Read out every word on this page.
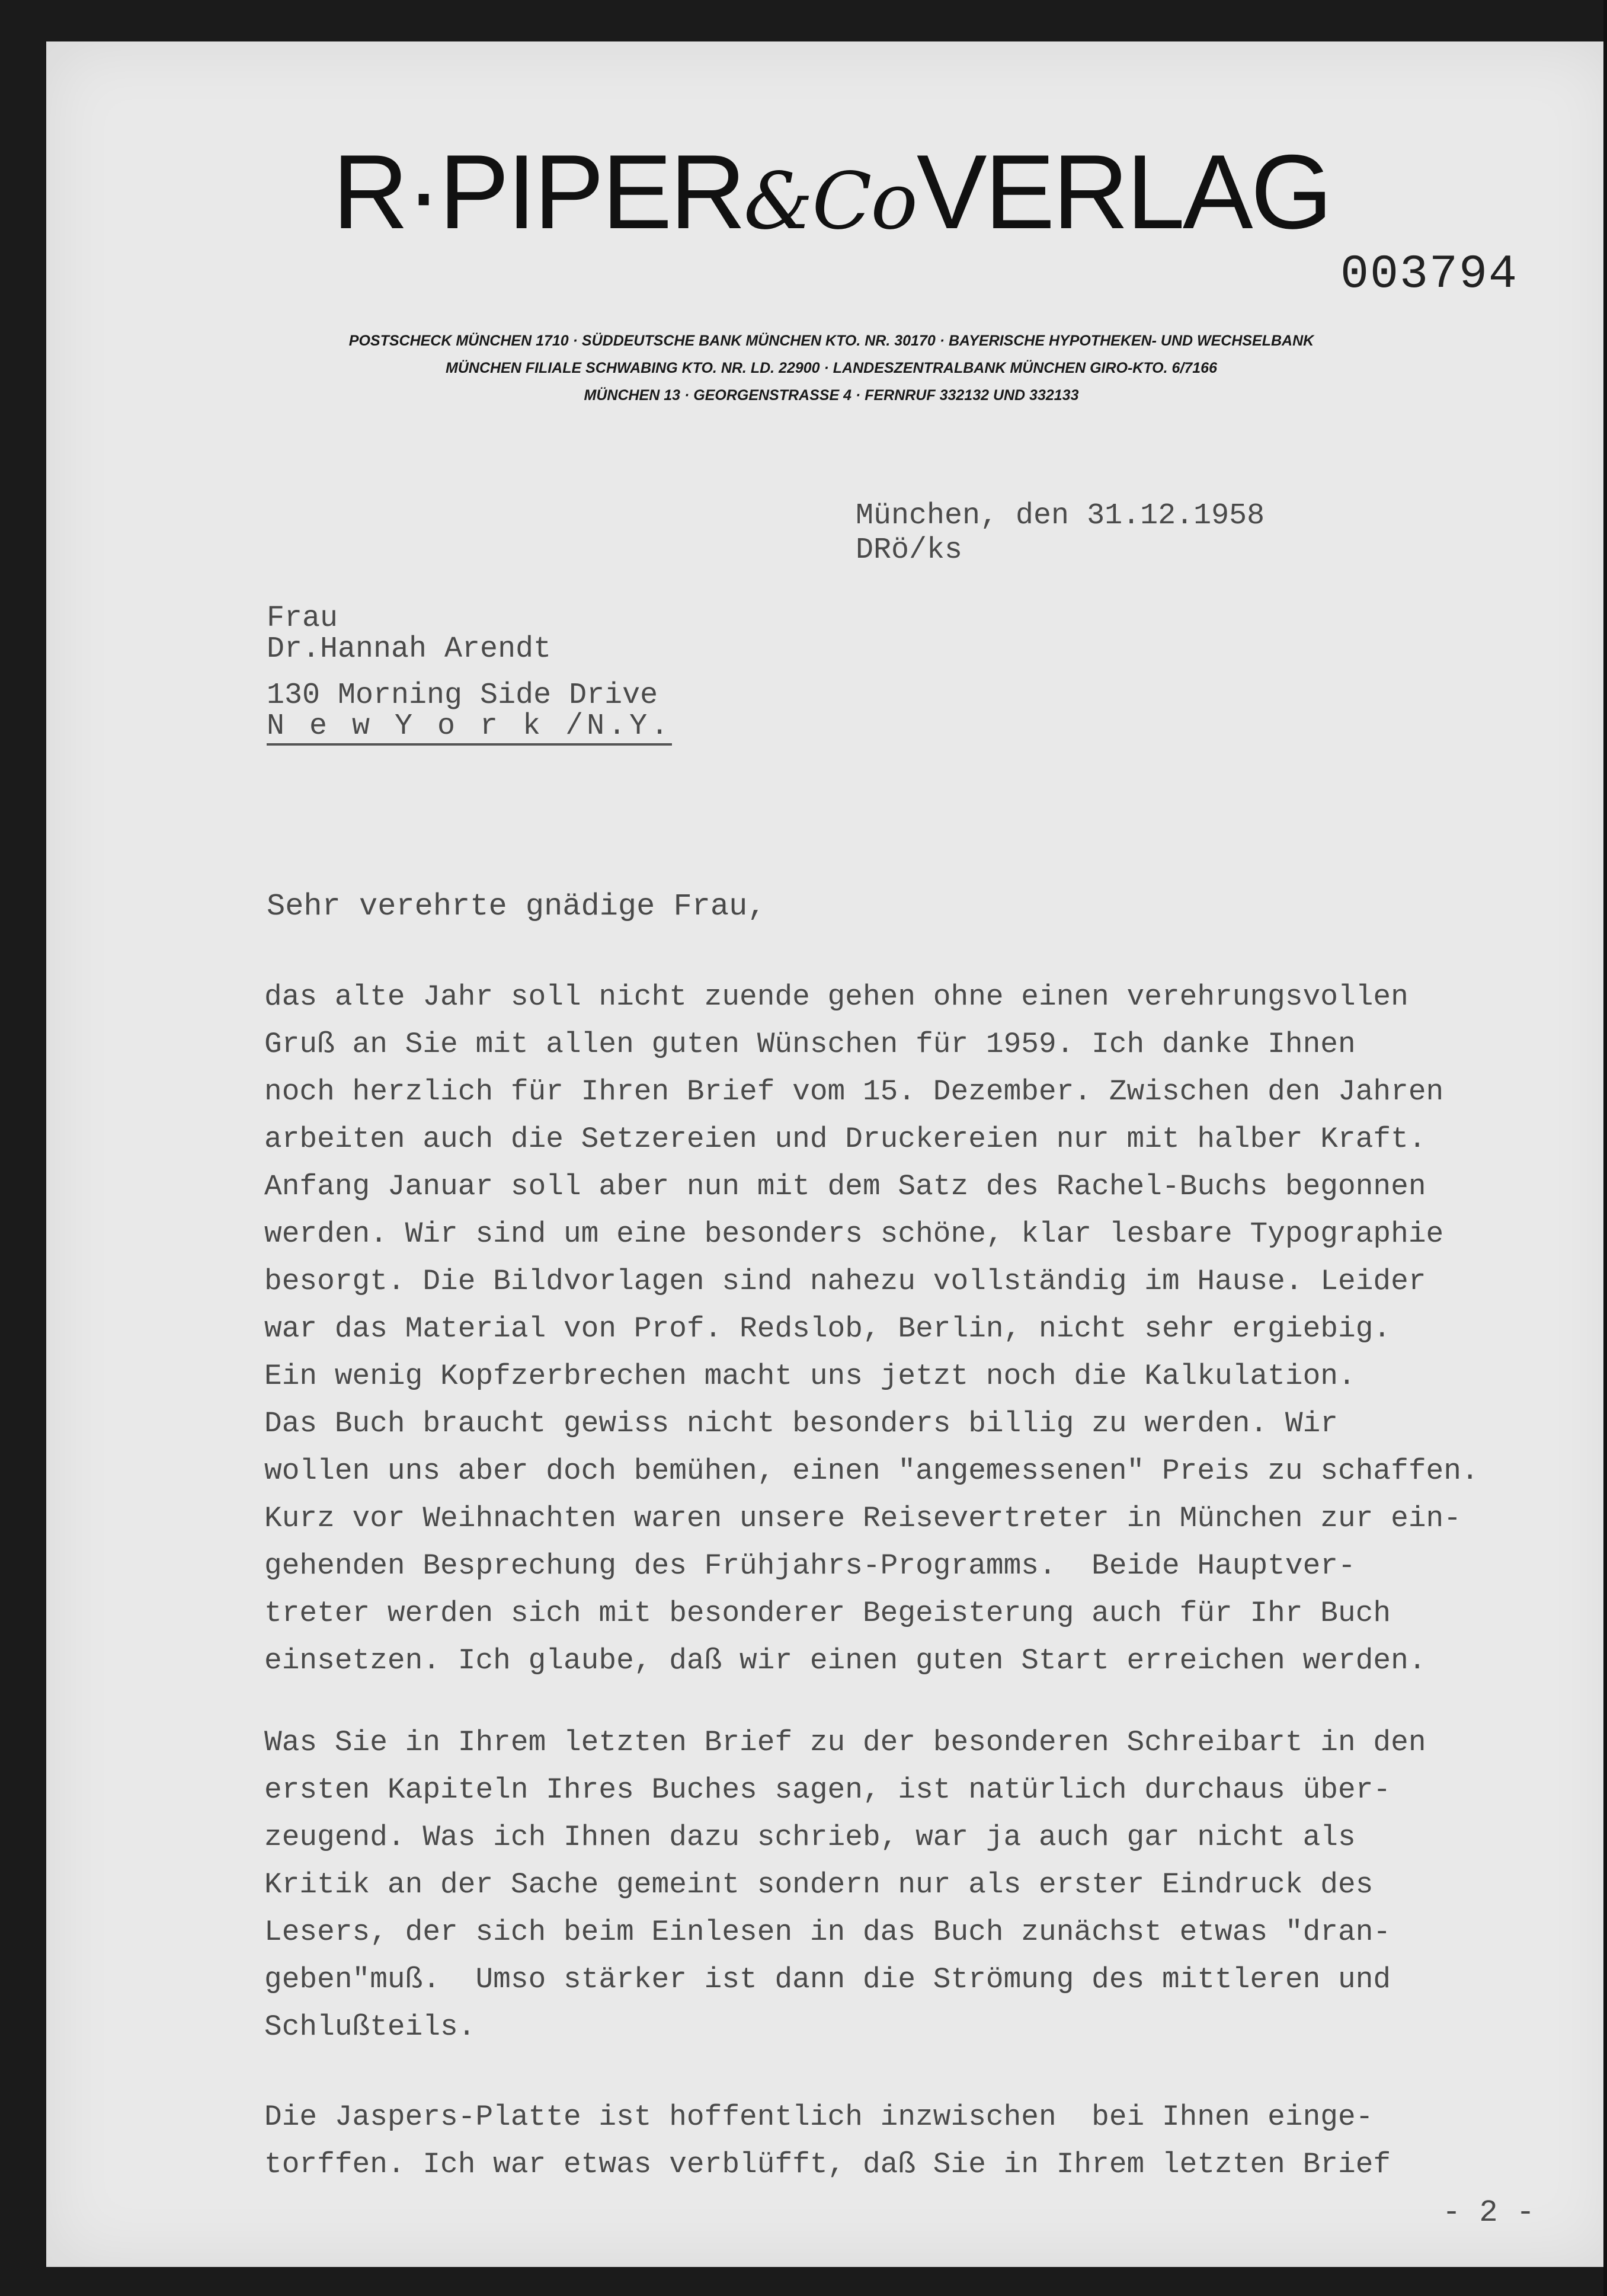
R·PIPER&CoVERLAG
003794
POSTSCHECK MÜNCHEN 1710 · SÜDDEUTSCHE BANK MÜNCHEN KTO. NR. 30170 · BAYERISCHE HYPOTHEKEN- UND WECHSELBANK
MÜNCHEN FILIALE SCHWABING KTO. NR. LD. 22900 · LANDESZENTRALBANK MÜNCHEN GIRO-KTO. 6/7166
MÜNCHEN 13 · GEORGENSTRASSE 4 · FERNRUF 332132 UND 332133
München, den 31.12.1958
DRö/ks
Frau
Dr.Hannah Arendt
130 Morning Side Drive
N e w Y o r k /N.Y.
Sehr verehrte gnädige Frau,

das alte Jahr soll nicht zuende gehen ohne einen verehrungsvollen
Gruß an Sie mit allen guten Wünschen für 1959. Ich danke Ihnen
noch herzlich für Ihren Brief vom 15. Dezember. Zwischen den Jahren
arbeiten auch die Setzereien und Druckereien nur mit halber Kraft.
Anfang Januar soll aber nun mit dem Satz des Rachel-Buchs begonnen
werden. Wir sind um eine besonders schöne, klar lesbare Typographie
besorgt. Die Bildvorlagen sind nahezu vollständig im Hause. Leider
war das Material von Prof. Redslob, Berlin, nicht sehr ergiebig.
Ein wenig Kopfzerbrechen macht uns jetzt noch die Kalkulation.
Das Buch braucht gewiss nicht besonders billig zu werden. Wir
wollen uns aber doch bemühen, einen "angemessenen" Preis zu schaffen.
Kurz vor Weihnachten waren unsere Reisevertreter in München zur ein-
gehenden Besprechung des Frühjahrs-Programms.  Beide Hauptver-
treter werden sich mit besonderer Begeisterung auch für Ihr Buch
einsetzen. Ich glaube, daß wir einen guten Start erreichen werden.

Was Sie in Ihrem letzten Brief zu der besonderen Schreibart in den
ersten Kapiteln Ihres Buches sagen, ist natürlich durchaus über-
zeugend. Was ich Ihnen dazu schrieb, war ja auch gar nicht als
Kritik an der Sache gemeint sondern nur als erster Eindruck des
Lesers, der sich beim Einlesen in das Buch zunächst etwas "dran-
geben"muß.  Umso stärker ist dann die Strömung des mittleren und
Schlußteils.

Die Jaspers-Platte ist hoffentlich inzwischen  bei Ihnen einge-
torffen. Ich war etwas verblüfft, daß Sie in Ihrem letzten Brief

- 2 -
